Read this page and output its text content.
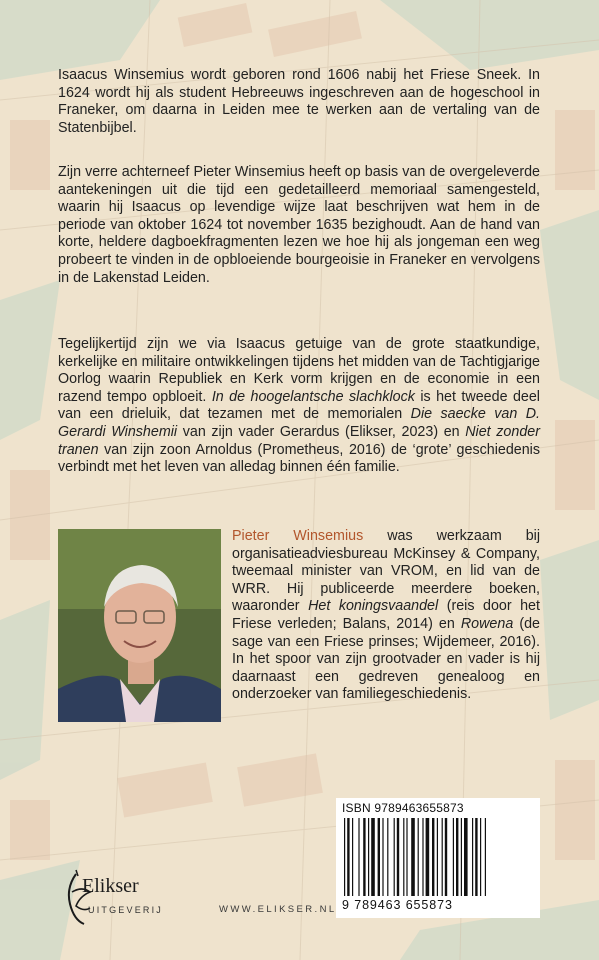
Isaacus Winsemius wordt geboren rond 1606 nabij het Friese Sneek. In 1624 wordt hij als student Hebreeuws ingeschreven aan de hogeschool in Franeker, om daarna in Leiden mee te werken aan de vertaling van de Statenbijbel.

Zijn verre achterneef Pieter Winsemius heeft op basis van de overgeleverde aantekeningen uit die tijd een gedetailleerd memoriaal samengesteld, waarin hij Isaacus op levendige wijze laat beschrijven wat hem in de periode van oktober 1624 tot november 1635 bezighoudt. Aan de hand van korte, heldere dagboekfragmenten lezen we hoe hij als jongeman een weg probeert te vinden in de opbloeiende bourgeoisie in Franeker en vervolgens in de Lakenstad Leiden.

Tegelijkertijd zijn we via Isaacus getuige van de grote staatkundige, kerkelijke en militaire ontwikkelingen tijdens het midden van de Tachtigjarige Oorlog waarin Republiek en Kerk vorm krijgen en de economie in een razend tempo opbloeit. In de hoogelantsche slachklock is het tweede deel van een drieluik, dat tezamen met de memorialen Die saecke van D. Gerardi Winshemii van zijn vader Gerardus (Elikser, 2023) en Niet zonder tranen van zijn zoon Arnoldus (Prometheus, 2016) de ‘grote’ geschiedenis verbindt met het leven van alledag binnen één familie.

Pieter Winsemius was werkzaam bij organisatieadviesbureau McKinsey & Company, tweemaal minister van VROM, en lid van de WRR. Hij publiceerde meerdere boeken, waaronder Het koningsvaandel (reis door het Friese verleden; Balans, 2014) en Rowena (de sage van een Friese prinses; Wijdemeer, 2016). In het spoor van zijn grootvader en vader is hij daarnaast een gedreven genealoog en onderzoeker van familiegeschiedenis.

ISBN 9789463655873
9 789463 655873
Elikser
UITGEVERIJ	WWW.ELIKSER.NL
